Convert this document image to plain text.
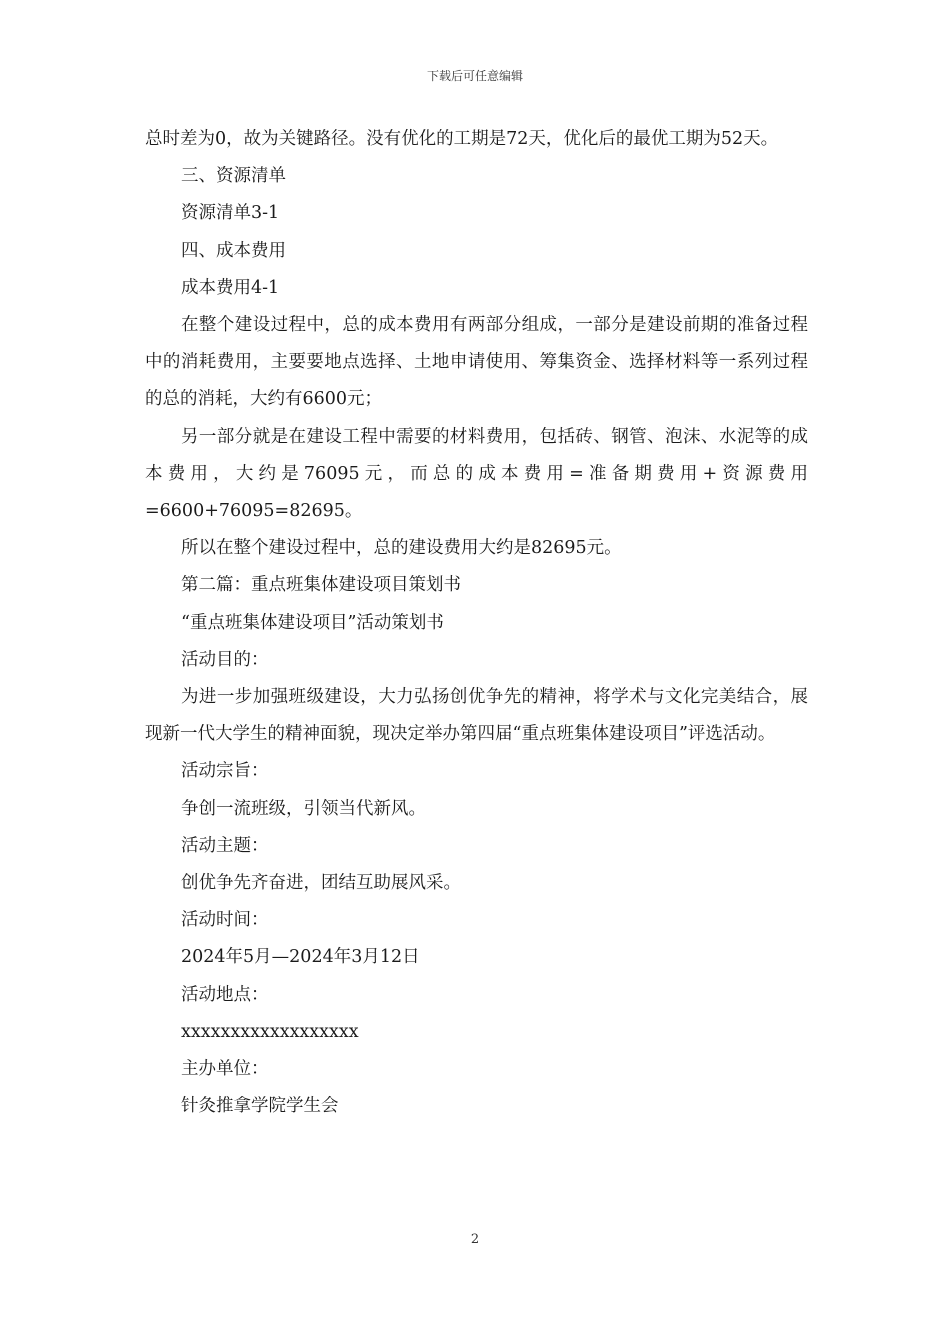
下载后可任意编辑

总时差为0，故为关键路径。没有优化的工期是72天，优化后的最优工期为52天。

三、资源清单

资源清单3-1

四、成本费用

成本费用4-1

在整个建设过程中，总的成本费用有两部分组成，一部分是建设前期的准备过程中的消耗费用，主要要地点选择、土地申请使用、筹集资金、选择材料等一系列过程的总的消耗，大约有6600元；

另一部分就是在建设工程中需要的材料费用，包括砖、钢管、泡沫、水泥等的成本费用，大约是76095元，而总的成本费用=准备期费用+资源费用=6600+76095=82695。

所以在整个建设过程中，总的建设费用大约是82695元。

第二篇：重点班集体建设项目策划书

“重点班集体建设项目”活动策划书

活动目的：

为进一步加强班级建设，大力弘扬创优争先的精神，将学术与文化完美结合，展现新一代大学生的精神面貌，现决定举办第四届“重点班集体建设项目”评选活动。

活动宗旨：

争创一流班级，引领当代新风。

活动主题：

创优争先齐奋进，团结互助展风采。

活动时间：

2024年5月—2024年3月12日

活动地点：

xxxxxxxxxxxxxxxxxx

主办单位：

针灸推拿学院学生会

2
